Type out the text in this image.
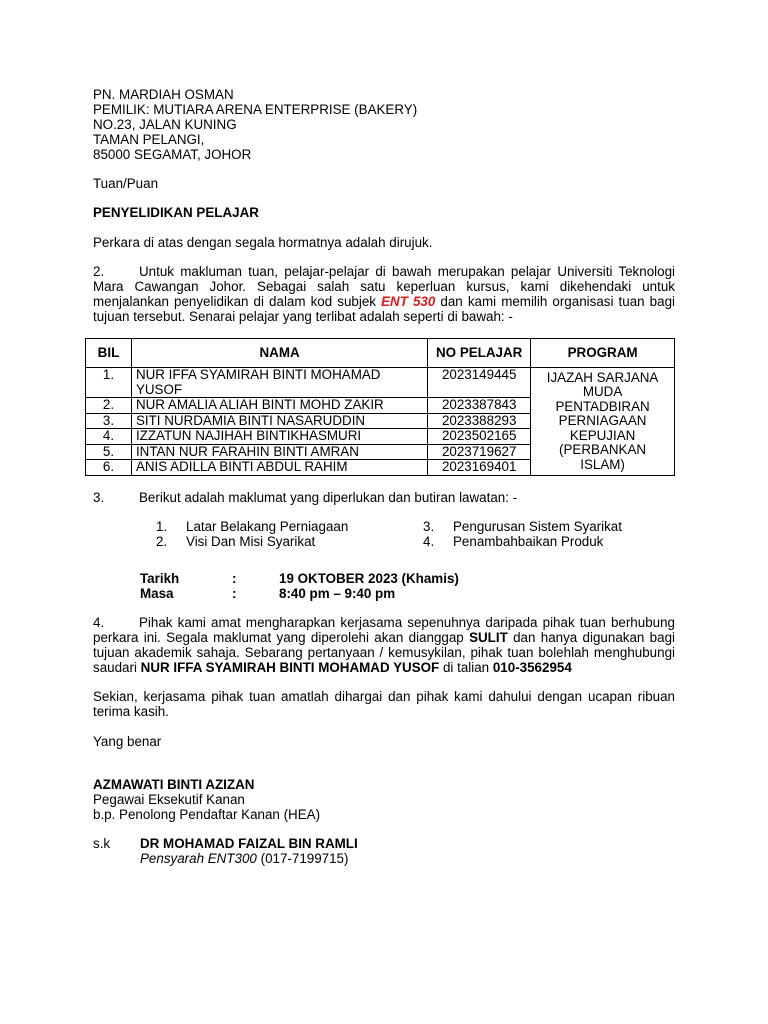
PN. MARDIAH OSMAN
PEMILIK: MUTIARA ARENA ENTERPRISE (BAKERY)
NO.23, JALAN KUNING
TAMAN PELANGI,
85000 SEGAMAT, JOHOR
Tuan/Puan
PENYELIDIKAN PELAJAR
Perkara di atas dengan segala hormatnya adalah dirujuk.
2.	Untuk makluman tuan, pelajar-pelajar di bawah merupakan pelajar Universiti Teknologi Mara Cawangan Johor. Sebagai salah satu keperluan kursus, kami dikehendaki untuk menjalankan penyelidikan di dalam kod subjek ENT 530 dan kami memilih organisasi tuan bagi tujuan tersebut. Senarai pelajar yang terlibat adalah seperti di bawah: -
BIL	NAMA	NO PELAJAR	PROGRAM
1.	NUR IFFA SYAMIRAH BINTI MOHAMAD YUSOF	2023149445	IJAZAH SARJANA MUDA PENTADBIRAN PERNIAGAAN KEPUJIAN (PERBANKAN ISLAM)
2.	NUR AMALIA ALIAH BINTI MOHD ZAKIR	2023387843	
3.	SITI NURDAMIA BINTI NASARUDDIN	2023388293	
4.	IZZATUN NAJIHAH BINTIKHASMURI	2023502165	
5.	INTAN NUR FARAHIN BINTI AMRAN	2023719627	
6.	ANIS ADILLA BINTI ABDUL RAHIM	2023169401	
3.	Berikut adalah maklumat yang diperlukan dan butiran lawatan: -
1. Latar Belakang Perniagaan
2. Visi Dan Misi Syarikat
3. Pengurusan Sistem Syarikat
4. Penambahbaikan Produk
Tarikh	:	19 OKTOBER 2023 (Khamis)
Masa	:	8:40 pm – 9:40 pm
4.	Pihak kami amat mengharapkan kerjasama sepenuhnya daripada pihak tuan berhubung perkara ini. Segala maklumat yang diperolehi akan dianggap SULIT dan hanya digunakan bagi tujuan akademik sahaja. Sebarang pertanyaan / kemusykilan, pihak tuan bolehlah menghubungi saudari NUR IFFA SYAMIRAH BINTI MOHAMAD YUSOF di talian 010-3562954
Sekian, kerjasama pihak tuan amatlah dihargai dan pihak kami dahului dengan ucapan ribuan terima kasih.
Yang benar
AZMAWATI BINTI AZIZAN
Pegawai Eksekutif Kanan
b.p. Penolong Pendaftar Kanan (HEA)
s.k DR MOHAMAD FAIZAL BIN RAMLI
Pensyarah ENT300 (017-7199715)
